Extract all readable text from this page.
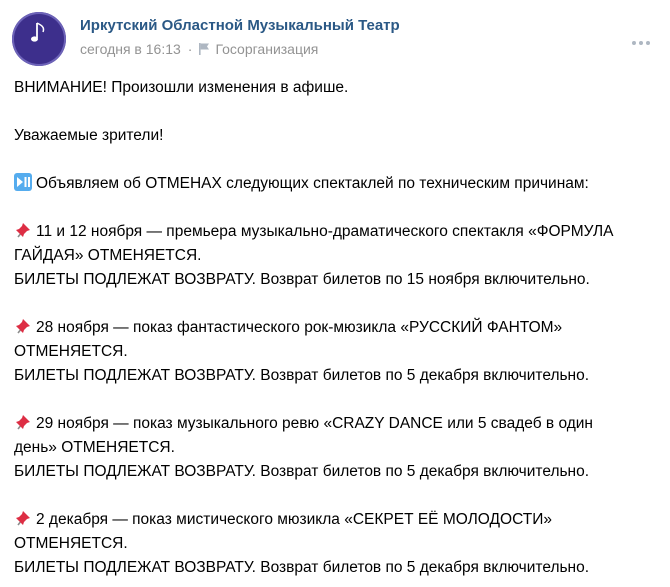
Иркутский Областной Музыкальный Театр
сегодня в 16:13 · Госорганизация

ВНИМАНИЕ! Произошли изменения в афише.

Уважаемые зрители!

Объявляем об ОТМЕНАХ следующих спектаклей по техническим причинам:

11 и 12 ноября — премьера музыкально-драматического спектакля «ФОРМУЛА

ГАЙДАЯ» ОТМЕНЯЕТСЯ.

БИЛЕТЫ ПОДЛЕЖАТ ВОЗВРАТУ. Возврат билетов по 15 ноября включительно.

28 ноября — показ фантастического рок-мюзикла «РУССКИЙ ФАНТОМ»

ОТМЕНЯЕТСЯ.

БИЛЕТЫ ПОДЛЕЖАТ ВОЗВРАТУ. Возврат билетов по 5 декабря включительно.

29 ноября — показ музыкального ревю «CRAZY DANCE или 5 свадеб в один

день» ОТМЕНЯЕТСЯ.

БИЛЕТЫ ПОДЛЕЖАТ ВОЗВРАТУ. Возврат билетов по 5 декабря включительно.

2 декабря — показ мистического мюзикла «СЕКРЕТ ЕЁ МОЛОДОСТИ»

ОТМЕНЯЕТСЯ.

БИЛЕТЫ ПОДЛЕЖАТ ВОЗВРАТУ. Возврат билетов по 5 декабря включительно.
